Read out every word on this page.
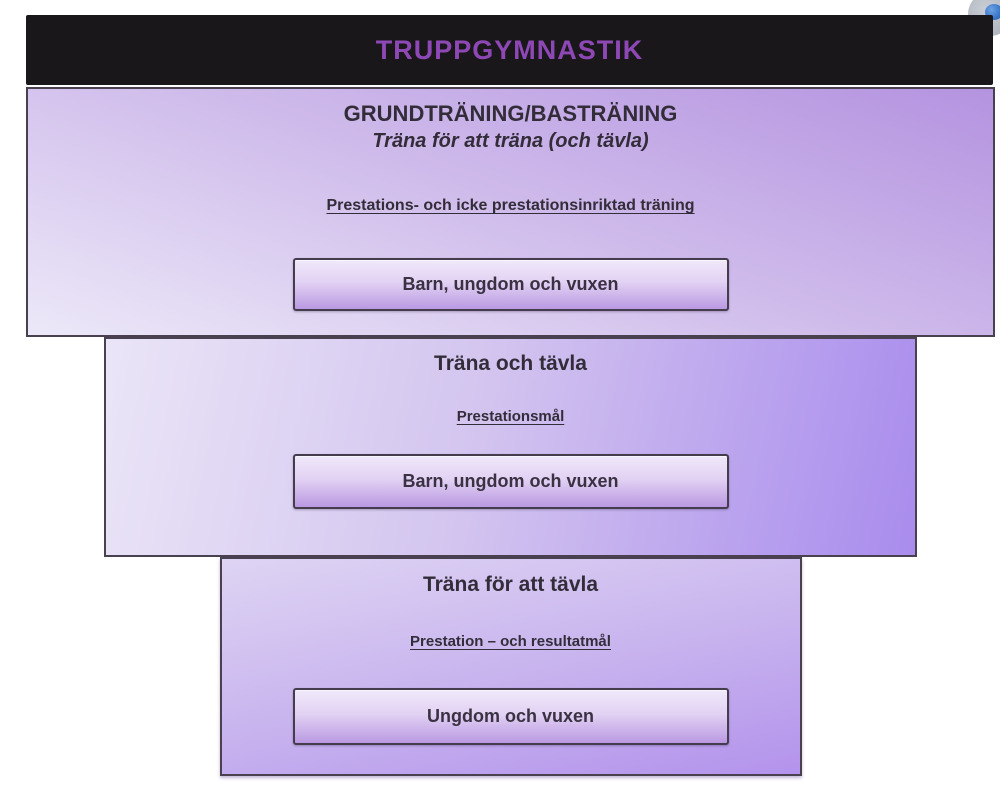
TRUPPGYMNASTIK
GRUNDTRÄNING/BASTRÄNING

Träna för att träna (och tävla)

Prestations- och icke prestationsinriktad träning

Barn, ungdom och vuxen
Träna och tävla

Prestationsmål

Barn, ungdom och vuxen
Träna för att tävla

Prestation – och resultatmål

Ungdom och vuxen
